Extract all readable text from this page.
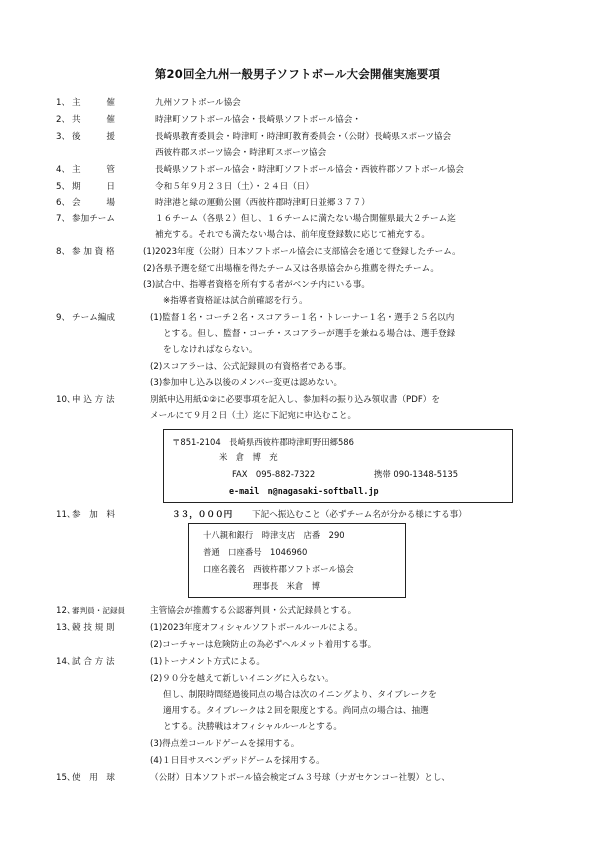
第20回全九州一般男子ソフトボール大会開催実施要項
1、 主　　　催	九州ソフトボール協会
2、 共　　　催	時津町ソフトボール協会・長崎県ソフトボール協会・
3、 後　　　援	長崎県教育委員会・時津町・時津町教育委員会・（公財）長崎県スポーツ協会
西彼杵郡スポーツ協会・時津町スポーツ協会
4、 主　　　管	長崎県ソフトボール協会・時津町ソフトボール協会・西彼杵郡ソフトボール協会
5、 期　　　日	令和５年９月２３日（土）・２４日（日）
6、 会　　　場	時津港と緑の運動公園（西彼杵郡時津町日並郷３７７）
7、 参加チーム	１６チーム（各県２）但し、１６チームに満たない場合開催県最大２チーム迄
補充する。それでも満たない場合は、前年度登録数に応じて補充する。
8、 参 加 資 格	(1)2023年度（公財）日本ソフトボール協会に支部協会を通じて登録したチーム。
(2)各県予選を経て出場権を得たチーム又は各県協会から推薦を得たチーム。
(3)試合中、指導者資格を所有する者がベンチ内にいる事。
※指導者資格証は試合前確認を行う。
9、 チーム編成	(1)監督１名・コーチ２名・スコアラー１名・トレーナー１名・選手２５名以内
とする。但し、監督・コーチ・スコアラーが選手を兼ねる場合は、選手登録
をしなければならない。
(2)スコアラーは、公式記録員の有資格者である事。
(3)参加申し込み以後のメンバー変更は認めない。
10、
申 込 方 法	別紙申込用紙①②に必要事項を記入し、参加料の振り込み領収書（PDF）を
メールにて９月２日（土）迄に下記宛に申込むこと。
〒851-2104　長崎県西彼杵郡時津町野田郷586
米　倉　博　充
FAX　095-882-7322	携帯 090-1348-5135
e-mail　n@nagasaki-softball.jp
11、
参　加　料	３３，０００円 下記へ振込むこと（必ずチーム名が分かる様にする事）
十八親和銀行　時津支店　店番　290
普通　口座番号　1046960
口座名義名　西彼杵郡ソフトボール協会
理事長　米倉　博
12、
審判員・記録員	主管協会が推薦する公認審判員・公式記録員とする。
13、
競 技 規 則	(1)2023年度オフィシャルソフトボールルールによる。
(2)コーチャーは危険防止の為必ずヘルメット着用する事。
14、
試 合 方 法	(1)トーナメント方式による。
(2)９０分を越えて新しいイニングに入らない。
但し、制限時間経過後同点の場合は次のイニングより、タイブレークを
適用する。タイブレークは２回を限度とする。尚同点の場合は、抽選
とする。決勝戦はオフィシャルルールとする。
(3)得点差コールドゲームを採用する。
(4)１日目サスペンデッドゲームを採用する。
15、
使　用　球	（公財）日本ソフトボール協会検定ゴム３号球（ナガセケンコー社製）とし、
